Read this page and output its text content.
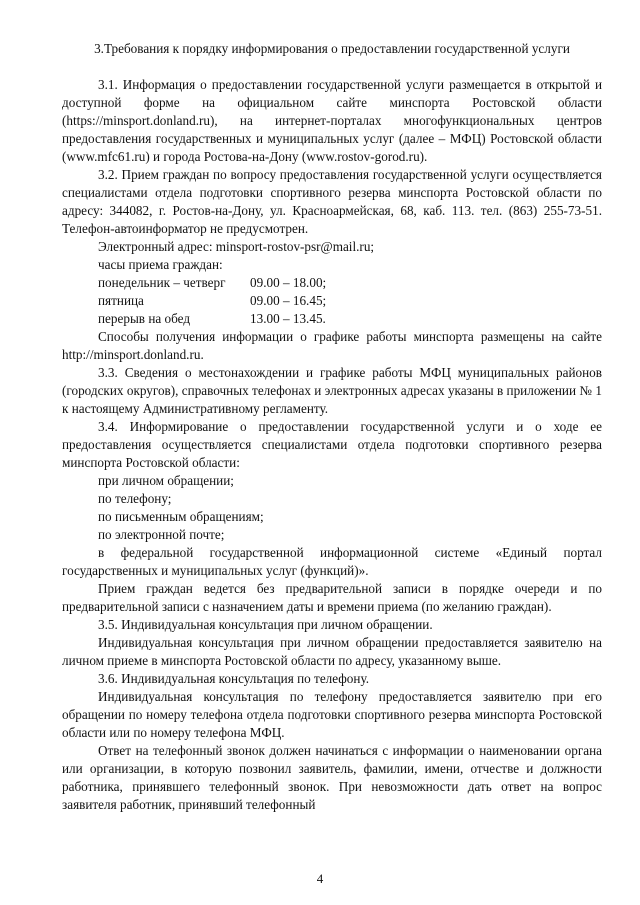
3.Требования к порядку информирования о предоставлении государственной услуги

3.1. Информация о предоставлении государственной услуги размещается в открытой и доступной форме на официальном сайте минспорта Ростовской области (https://minsport.donland.ru), на интернет-порталах многофункциональных центров предоставления государственных и муниципальных услуг (далее – МФЦ) Ростовской области (www.mfc61.ru) и города Ростова-на-Дону (www.rostov-gorod.ru).

3.2. Прием граждан по вопросу предоставления государственной услуги осуществляется специалистами отдела подготовки спортивного резерва минспорта Ростовской области по адресу: 344082, г. Ростов-на-Дону, ул. Красноармейская, 68, каб. 113. тел. (863) 255-73-51. Телефон-автоинформатор не предусмотрен.

Электронный адрес: minsport-rostov-psr@mail.ru;
часы приема граждан:
понедельник – четверг	09.00 – 18.00;
пятница	09.00 – 16.45;
перерыв на обед	13.00 – 13.45.

Способы получения информации о графике работы минспорта размещены на сайте http://minsport.donland.ru.

3.3. Сведения о местонахождении и графике работы МФЦ муниципальных районов (городских округов), справочных телефонах и электронных адресах указаны в приложении № 1 к настоящему Административному регламенту.

3.4. Информирование о предоставлении государственной услуги и о ходе ее предоставления осуществляется специалистами отдела подготовки спортивного резерва минспорта Ростовской области:

при личном обращении;
по телефону;
по письменным обращениям;
по электронной почте;

в федеральной государственной информационной системе «Единый портал государственных и муниципальных услуг (функций)».

Прием граждан ведется без предварительной записи в порядке очереди и по предварительной записи с назначением даты и времени приема (по желанию граждан).

3.5. Индивидуальная консультация при личном обращении.

Индивидуальная консультация при личном обращении предоставляется заявителю на личном приеме в минспорта Ростовской области по адресу, указанному выше.

3.6. Индивидуальная консультация по телефону.

Индивидуальная консультация по телефону предоставляется заявителю при его обращении по номеру телефона отдела подготовки спортивного резерва минспорта Ростовской области или по номеру телефона МФЦ.

Ответ на телефонный звонок должен начинаться с информации о наименовании органа или организации, в которую позвонил заявитель, фамилии, имени, отчестве и должности работника, принявшего телефонный звонок. При невозможности дать ответ на вопрос заявителя работник, принявший телефонный

4
